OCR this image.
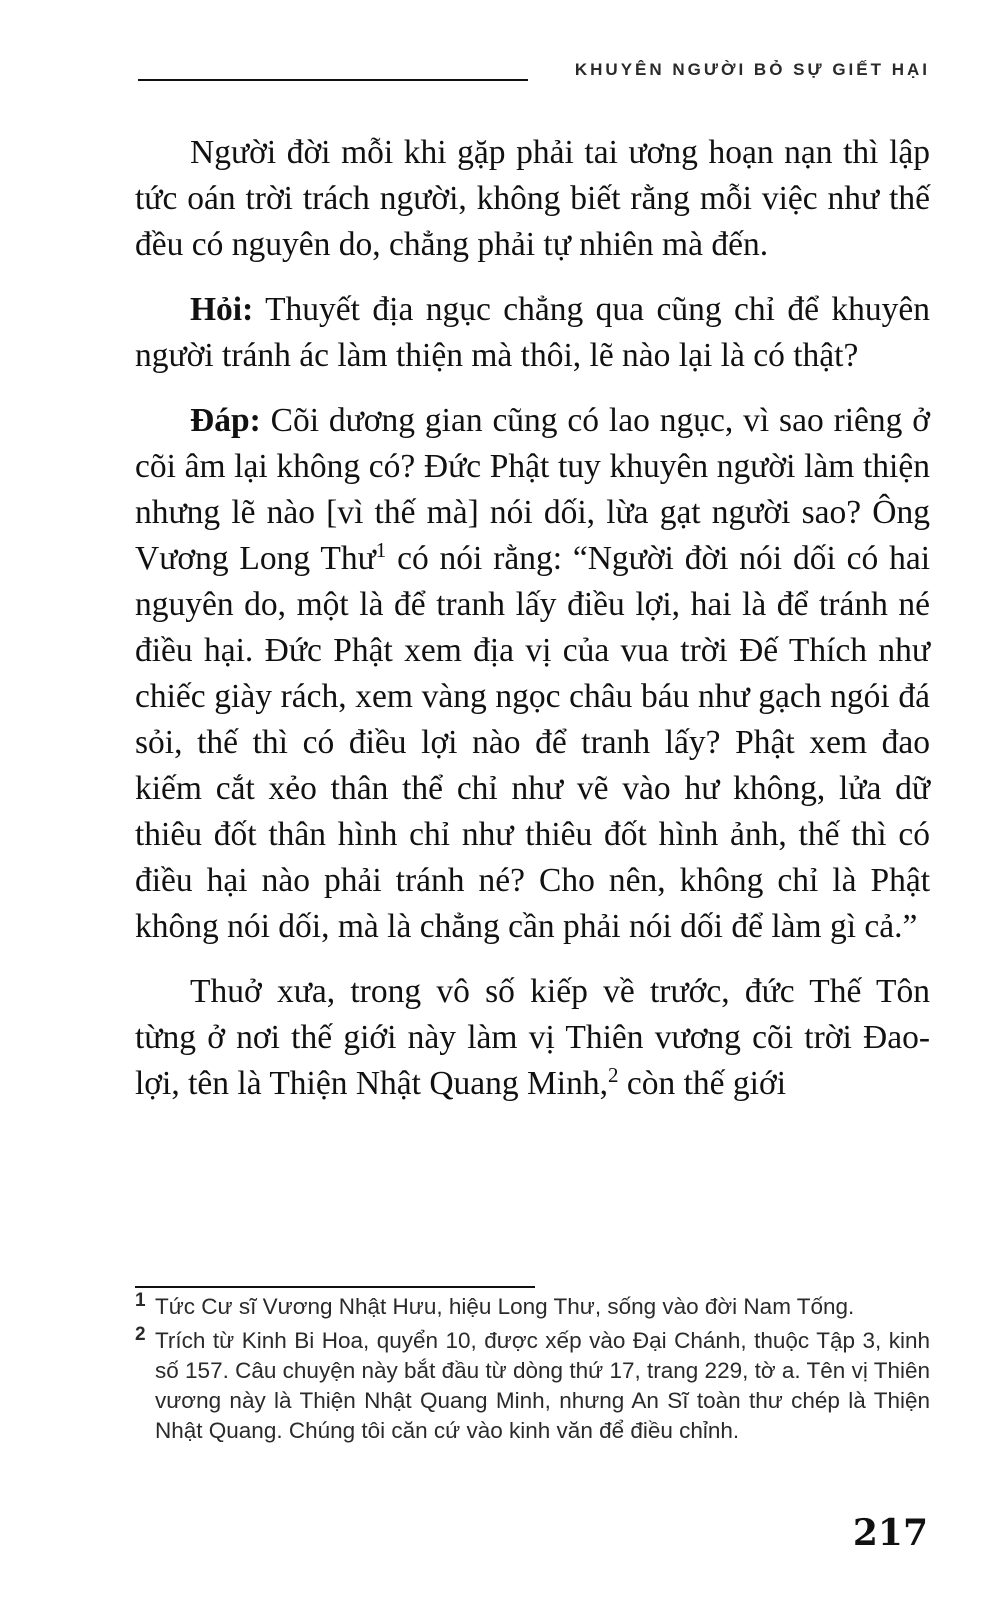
KHUYÊN NGƯỜI BỎ SỰ GIẾT HẠI

Người đời mỗi khi gặp phải tai ương hoạn nạn thì lập tức oán trời trách người, không biết rằng mỗi việc như thế đều có nguyên do, chẳng phải tự nhiên mà đến.

Hỏi: Thuyết địa ngục chẳng qua cũng chỉ để khuyên người tránh ác làm thiện mà thôi, lẽ nào lại là có thật?

Đáp: Cõi dương gian cũng có lao ngục, vì sao riêng ở cõi âm lại không có? Đức Phật tuy khuyên người làm thiện nhưng lẽ nào [vì thế mà] nói dối, lừa gạt người sao? Ông Vương Long Thư$^1$ có nói rằng: “Người đời nói dối có hai nguyên do, một là để tranh lấy điều lợi, hai là để tránh né điều hại. Đức Phật xem địa vị của vua trời Đế Thích như chiếc giày rách, xem vàng ngọc châu báu như gạch ngói đá sỏi, thế thì có điều lợi nào để tranh lấy? Phật xem đao kiếm cắt xẻo thân thể chỉ như vẽ vào hư không, lửa dữ thiêu đốt thân hình chỉ như thiêu đốt hình ảnh, thế thì có điều hại nào phải tránh né? Cho nên, không chỉ là Phật không nói dối, mà là chẳng cần phải nói dối để làm gì cả.”

Thuở xưa, trong vô số kiếp về trước, đức Thế Tôn từng ở nơi thế giới này làm vị Thiên vương cõi trời Đao-lợi, tên là Thiện Nhật Quang Minh,$^2$ còn thế giới

1 Tức Cư sĩ Vương Nhật Hưu, hiệu Long Thư, sống vào đời Nam Tống.
2 Trích từ Kinh Bi Hoa, quyển 10, được xếp vào Đại Chánh, thuộc Tập 3, kinh số 157. Câu chuyện này bắt đầu từ dòng thứ 17, trang 229, tờ a. Tên vị Thiên vương này là Thiện Nhật Quang Minh, nhưng An Sĩ toàn thư chép là Thiện Nhật Quang. Chúng tôi căn cứ vào kinh văn để điều chỉnh.
217
